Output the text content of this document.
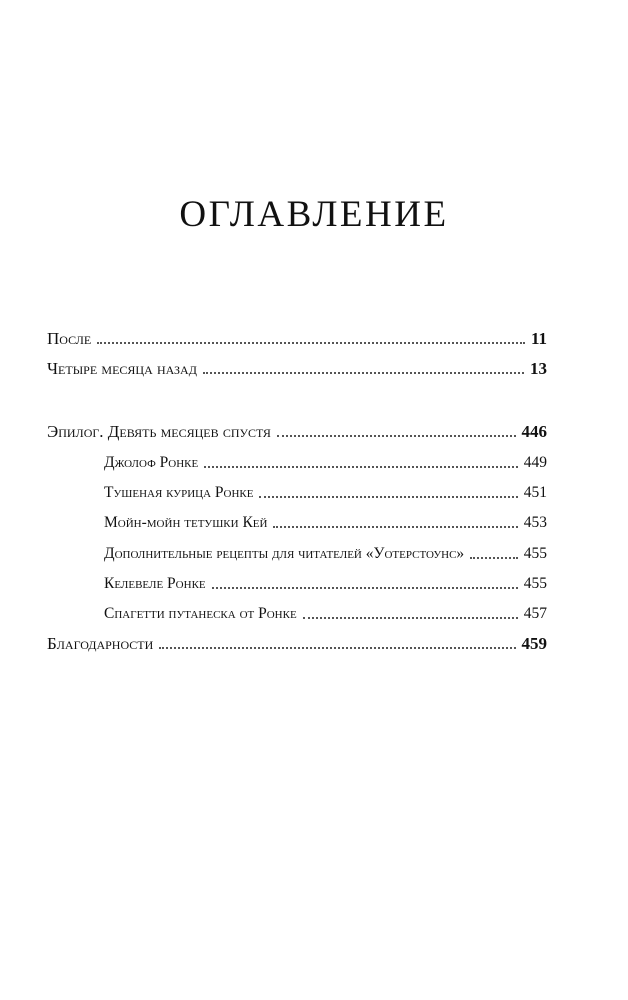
ОГЛАВЛЕНИЕ
После	11
Четыре месяца назад	13
Эпилог. Девять месяцев спустя	446
Джолоф Ронке	449
Тушеная курица Ронке	451
Мойн-мойн тетушки Кей	453
Дополнительные рецепты для читателей «Уотерстоунс»	455
Келевеле Ронке	455
Спагетти путанеска от Ронке	457
Благодарности	459
